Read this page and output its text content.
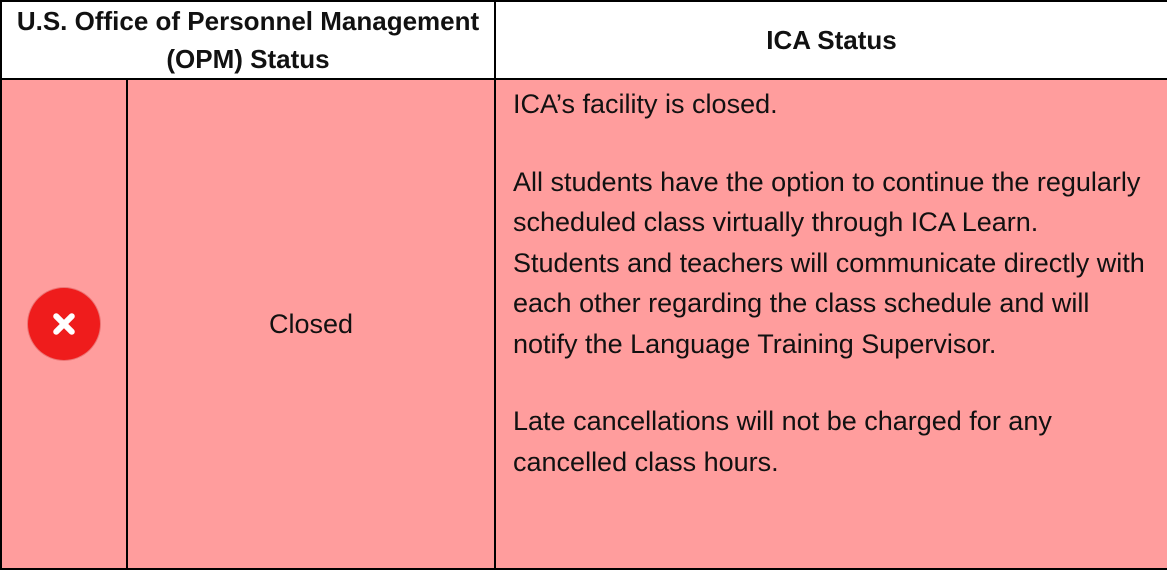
U.S. Office of Personnel Management (OPM) Status		ICA Status
	Closed	ICA’s facility is closed.

All students have the option to continue the regularly scheduled class virtually through ICA Learn. Students and teachers will communicate directly with each other regarding the class schedule and will notify the Language Training Supervisor.

Late cancellations will not be charged for any cancelled class hours.
